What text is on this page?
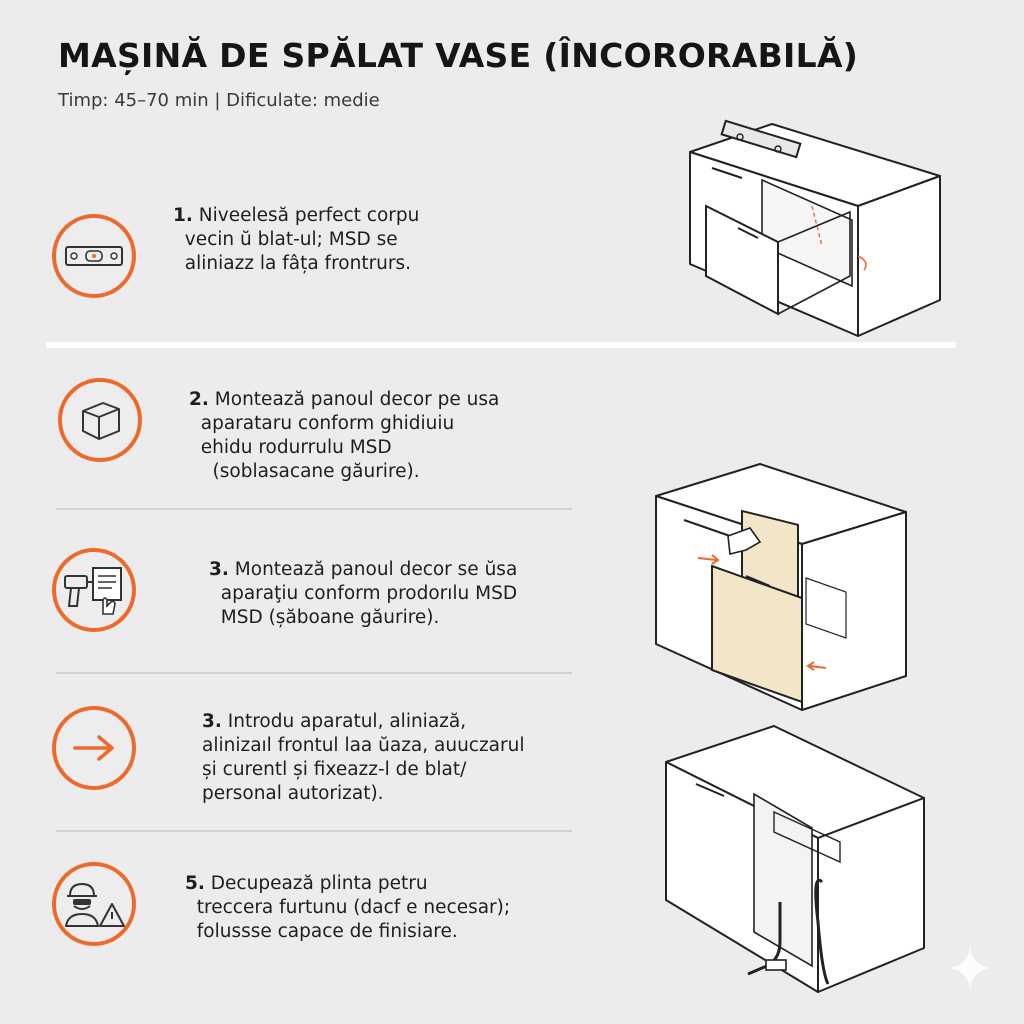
MAȘINĂ DE SPĂLAT VASE (ÎNCORORABILĂ)
Timp: 45–70 min | Dificulate: medie
1. Niveelesă perfect corpu
vecin ŭ blat-ul; MSD se
aliniazz la fâța frontrurs.
2. Montează panoul decor pe usa
aparataru conform ghidiuiu
ehidu rodurrulu MSD
(soblasacane găurire).
3. Montează panoul decor se ŭsa
aparaţiu conform prodorılu MSD
MSD (șăboane găurire).
3. Introdu aparatul, aliniază,
alinizaıl frontul laa ŭaza, auuczarul
și curentl și fixeazz-l de blat/
personal autorizat).
5. Decupează plinta petru
treccera furtunu (dacf e necesar);
folussse capace de finisiare.
